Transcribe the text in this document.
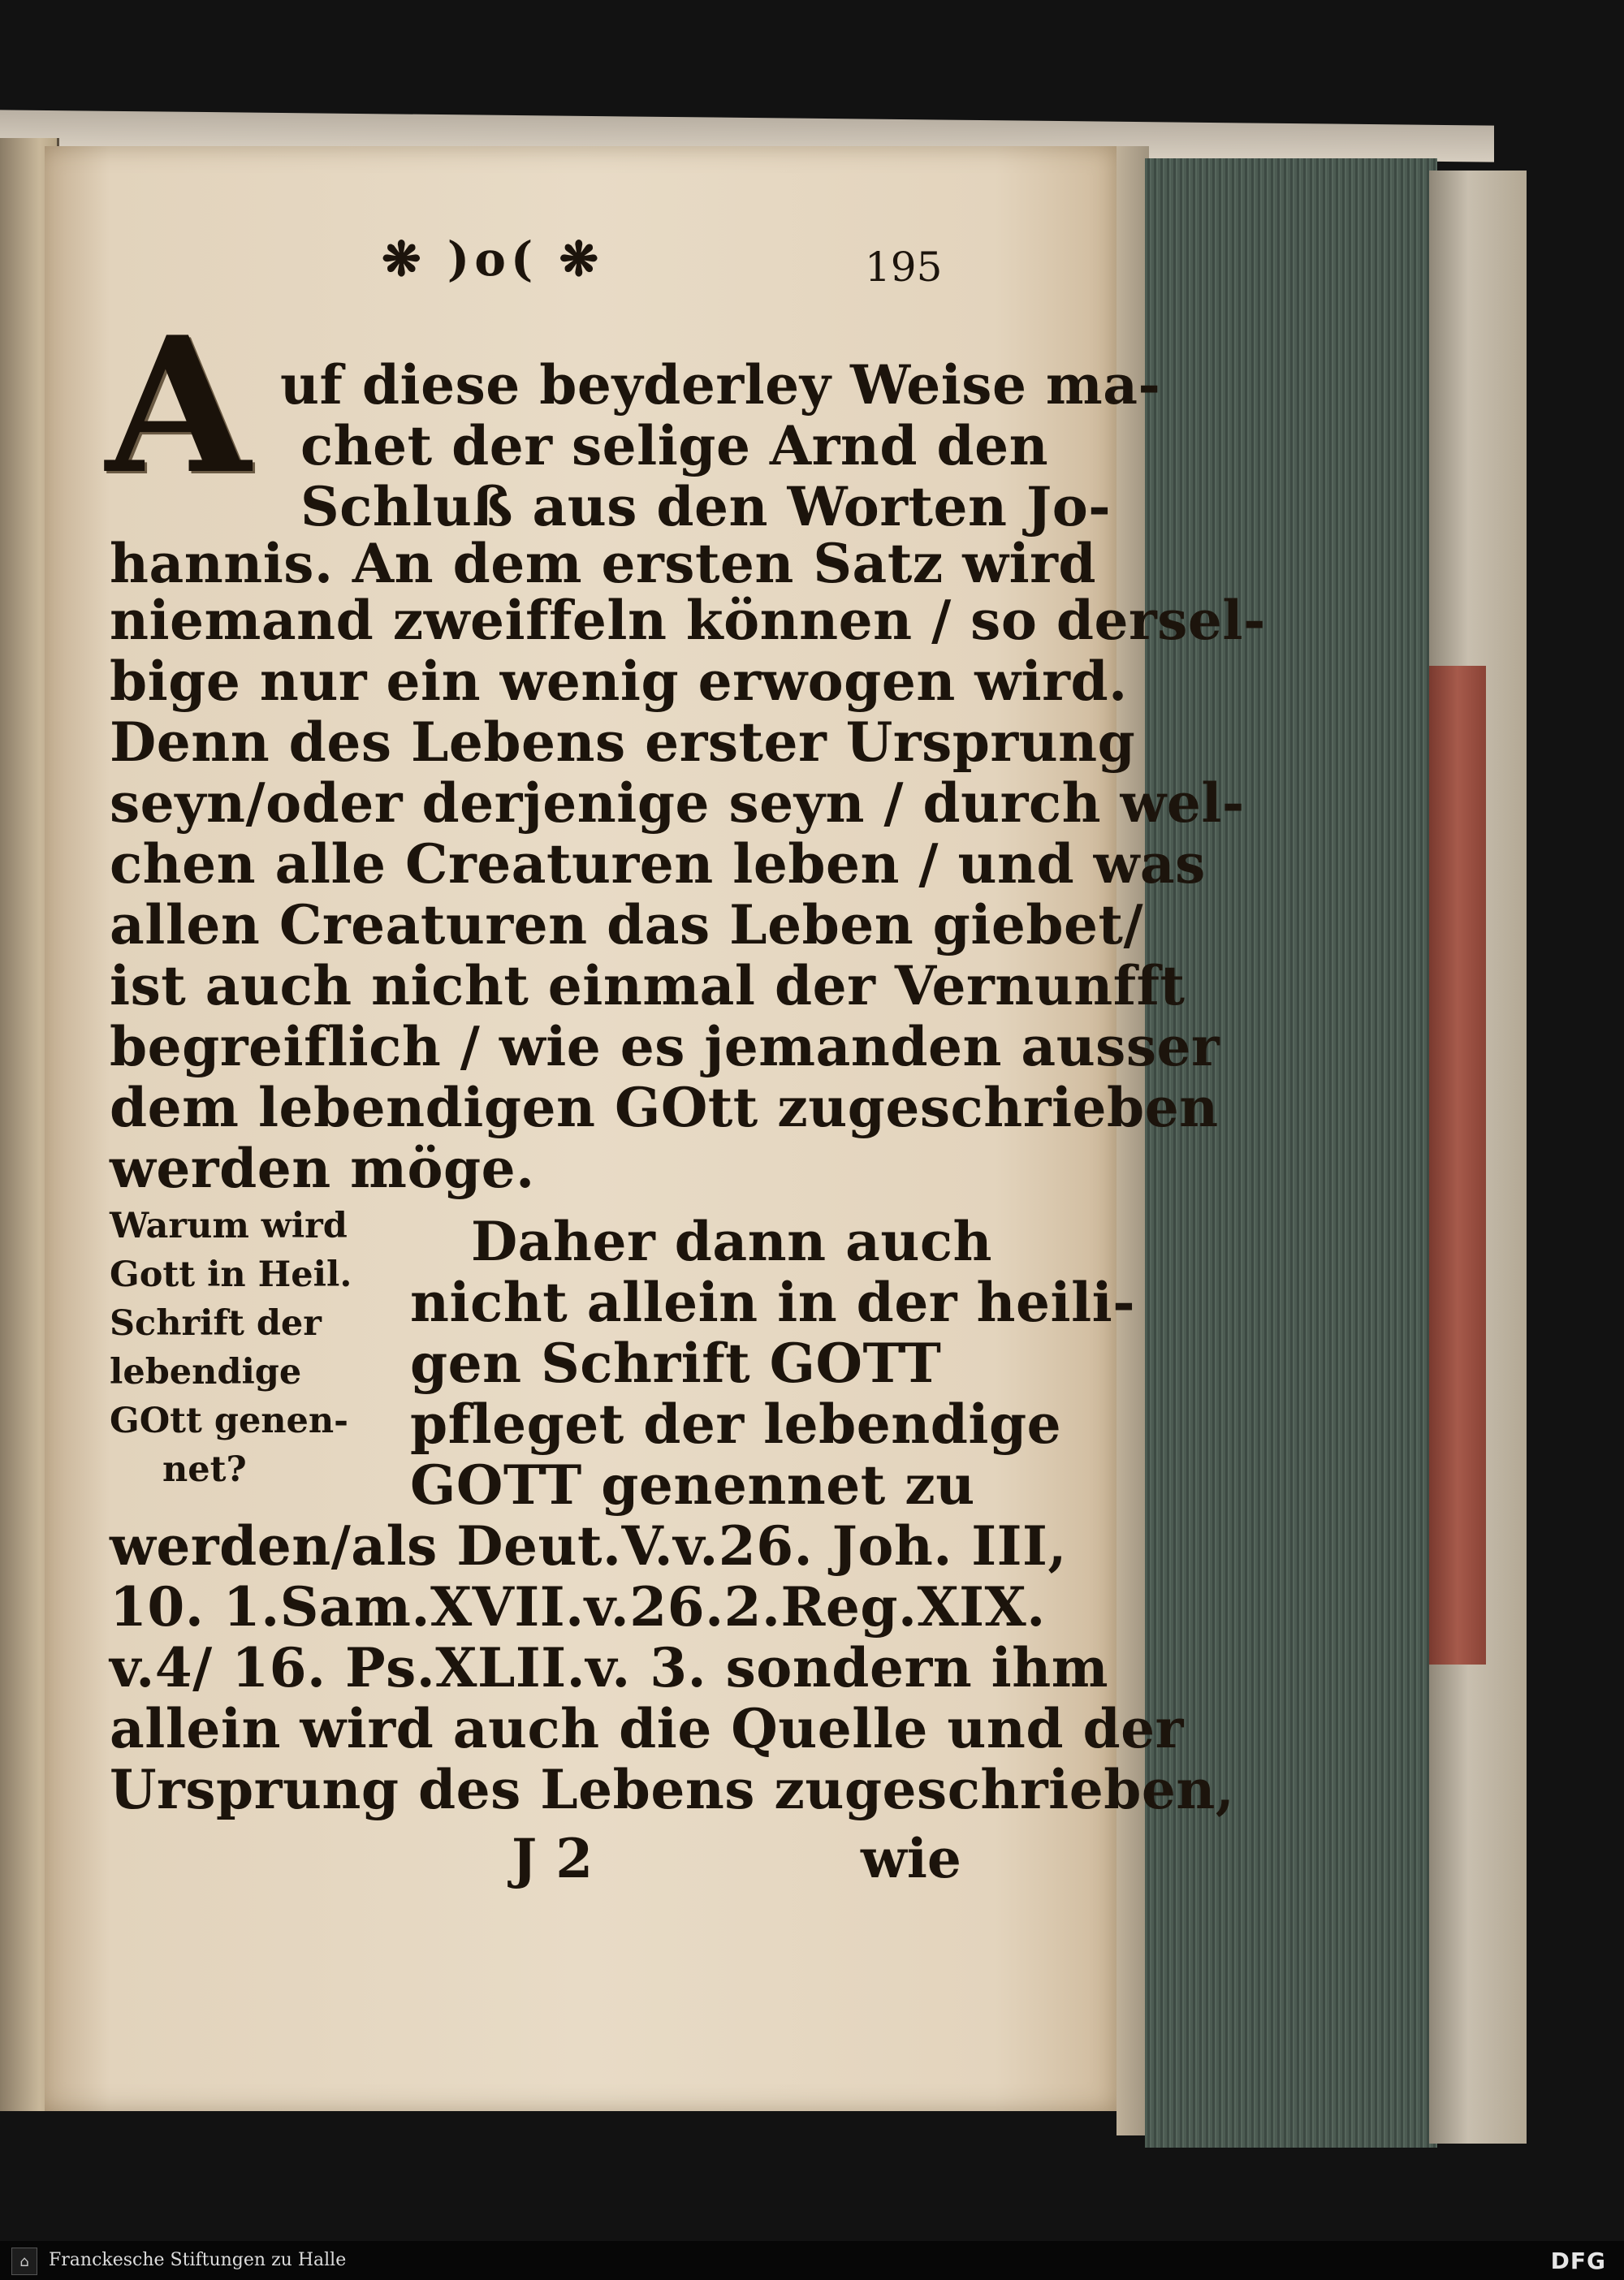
❋ )o( ❋	195
A uf diese beyderley Weise ma-
chet der selige Arnd den
Schluß aus den Worten Jo-
hannis. An dem ersten Satz wird
niemand zweiffeln können / so dersel-
bige nur ein wenig erwogen wird.
Denn des Lebens erster Ursprung
seyn/oder derjenige seyn / durch wel-
chen alle Creaturen leben / und was
allen Creaturen das Leben giebet/
ist auch nicht einmal der Vernunfft
begreiflich / wie es jemanden ausser
dem lebendigen GOtt zugeschrieben
werden möge.
Warum wird
Gott in Heil.
Schrift der
lebendige
GOtt genen-
net?
Daher dann auch
nicht allein in der heili-
gen Schrift GOTT
pfleget der lebendige
GOTT genennet zu
werden/als Deut.V.v.26. Joh. III,
10. 1.Sam.XVII.v.26.2.Reg.XIX.
v.4/ 16. Ps.XLII.v. 3. sondern ihm
allein wird auch die Quelle und der
Ursprung des Lebens zugeschrieben,
J 2	wie
⌂	Franckesche Stiftungen zu Halle	DFG
